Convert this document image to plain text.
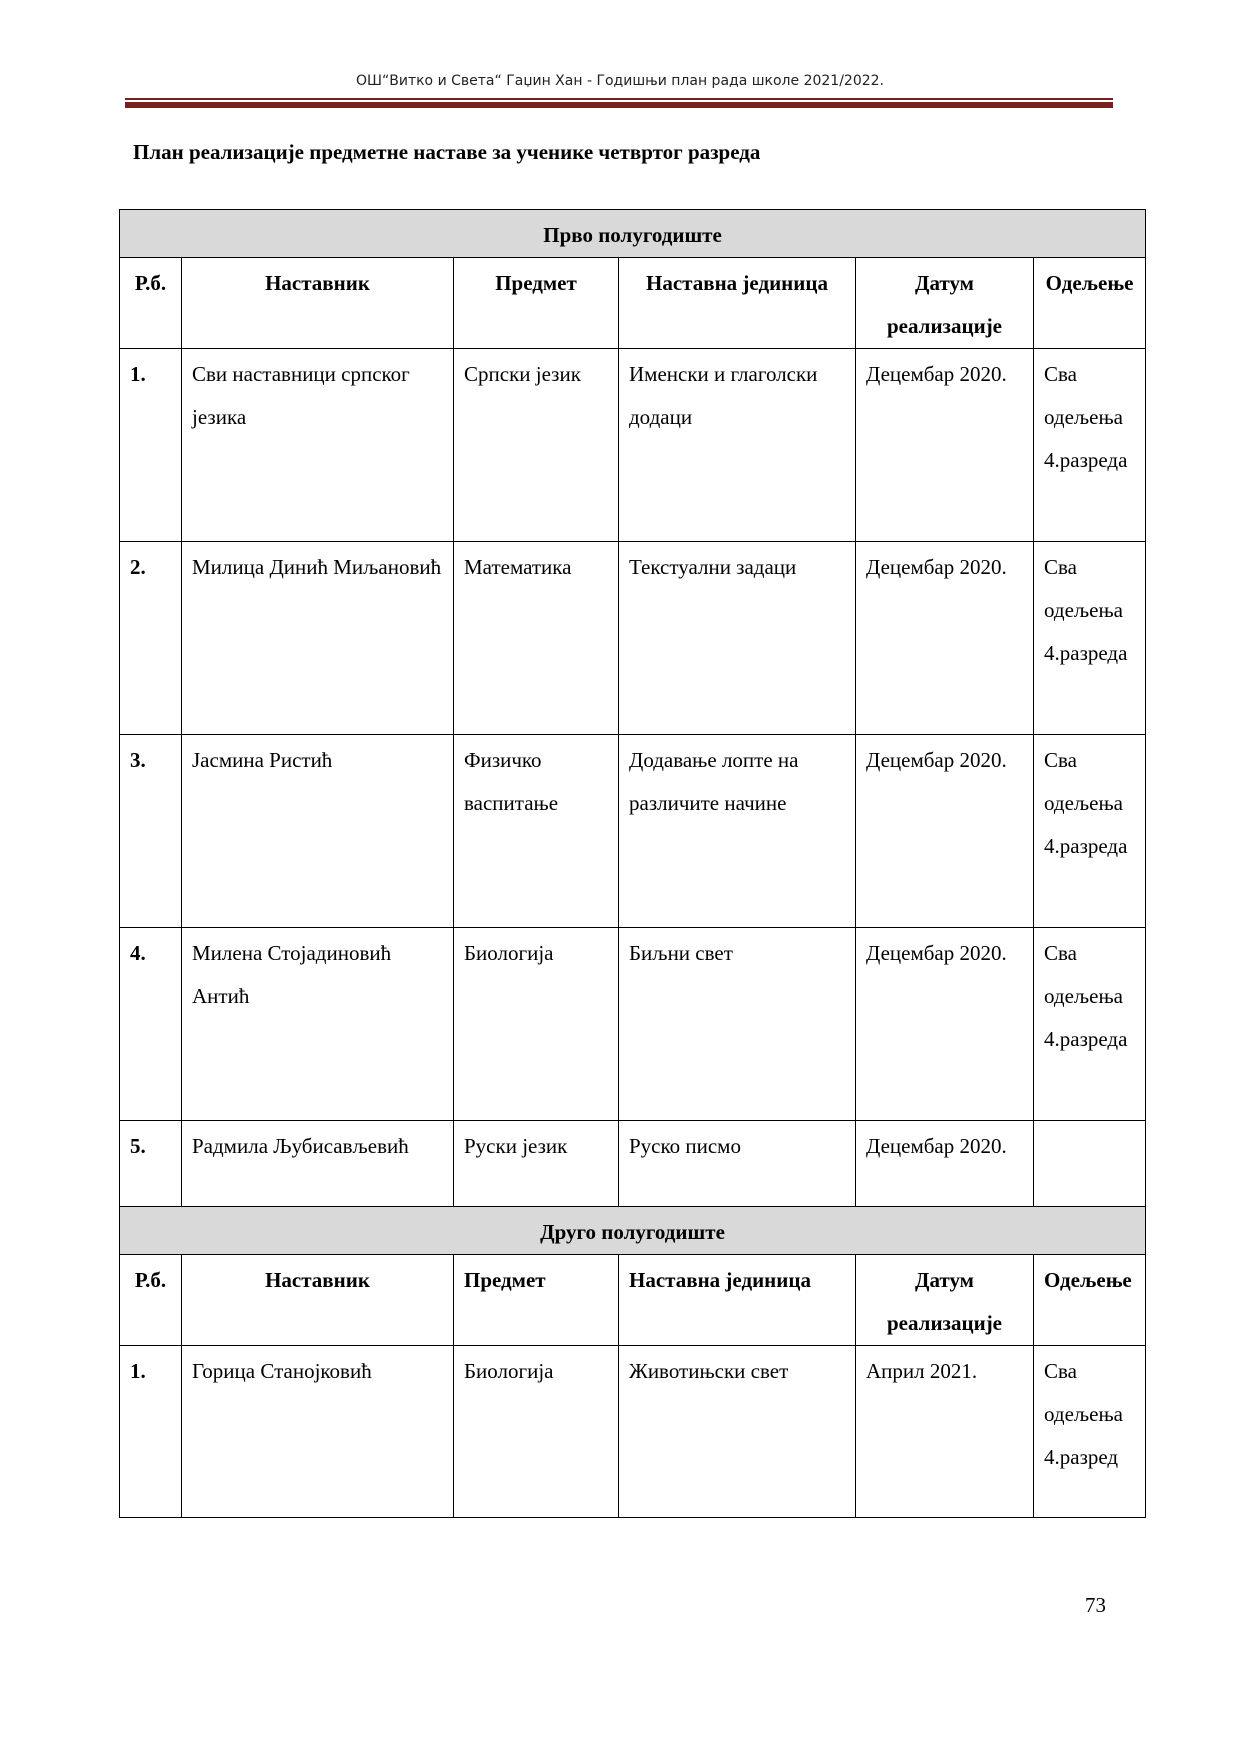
ОШ“Витко и Света“ Гаџин Хан - Годишњи план рада школе 2021/2022.
План реализације предметне наставе за ученике четвртог разреда
Прво полугодиште					
Р.б.	Наставник	Предмет	Наставна јединица	Датум реализације	Одељење
1.	Сви наставници српског језика	Српски језик	Именски и глаголски додаци	Децембар 2020.	Сва одељења 4.разреда
2.	Милица Динић Миљановић	Математика	Текстуални задаци	Децембар 2020.	Сва одељења 4.разреда
3.	Јасмина Ристић	Физичко васпитање	Додавање лопте на различите начине	Децембар 2020.	Сва одељења 4.разреда
4.	Милена Стојадиновић Антић	Биологија	Биљни свет	Децембар 2020.	Сва одељења 4.разреда
5.	Радмила Љубисављевић	Руски језик	Руско писмо	Децембар 2020.	
Друго полугодиште					
Р.б.	Наставник	Предмет	Наставна јединица	Датум реализације	Одељење
1.	Горица Станојковић	Биологија	Животињски свет	Април 2021.	Сва одељења 4.разред
73
